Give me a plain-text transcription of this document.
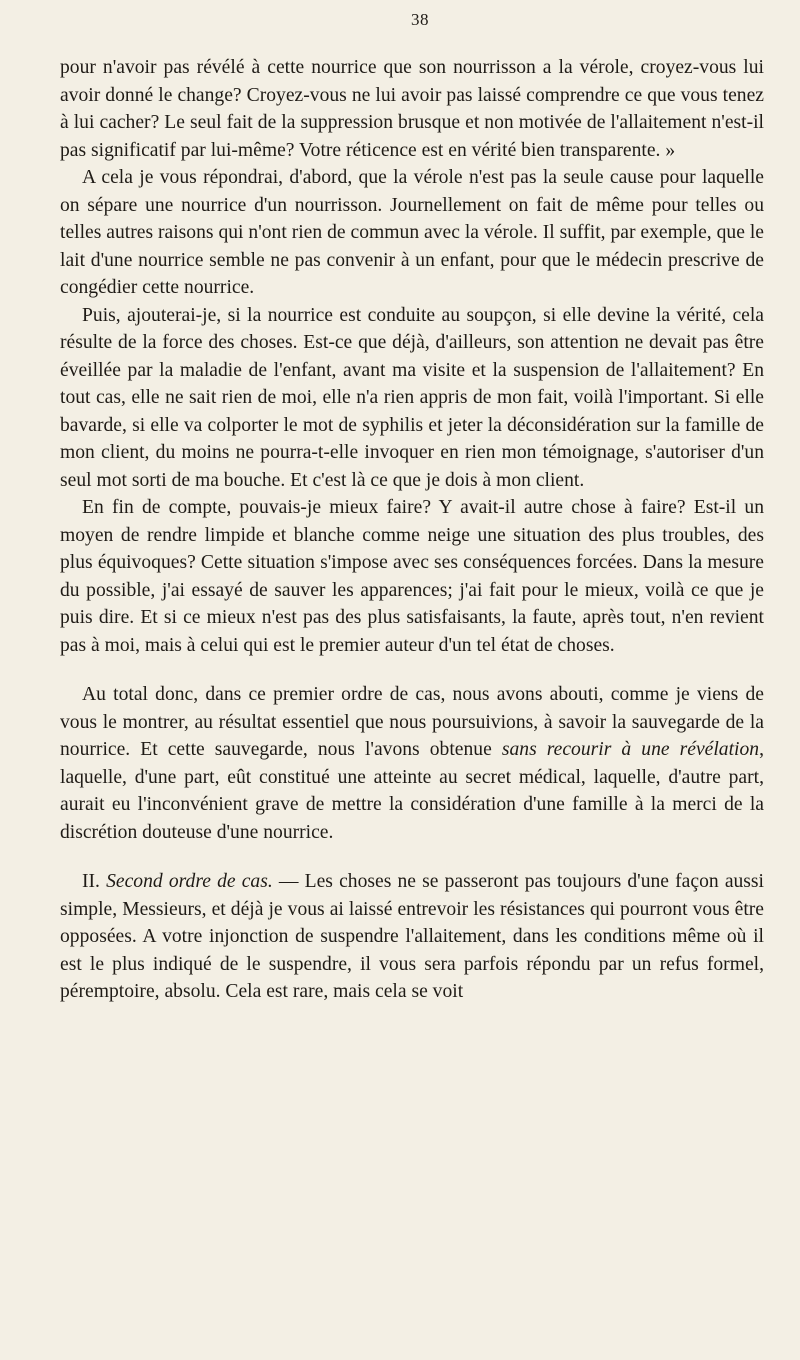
38

pour n'avoir pas révélé à cette nourrice que son nourrisson a la vérole, croyez-vous lui avoir donné le change? Croyez-vous ne lui avoir pas laissé comprendre ce que vous tenez à lui cacher? Le seul fait de la suppression brusque et non motivée de l'allaitement n'est-il pas significatif par lui-même? Votre réticence est en vérité bien transparente. »

A cela je vous répondrai, d'abord, que la vérole n'est pas la seule cause pour laquelle on sépare une nourrice d'un nourrisson. Journellement on fait de même pour telles ou telles autres raisons qui n'ont rien de commun avec la vérole. Il suffit, par exemple, que le lait d'une nourrice semble ne pas convenir à un enfant, pour que le médecin prescrive de congédier cette nourrice.

Puis, ajouterai-je, si la nourrice est conduite au soupçon, si elle devine la vérité, cela résulte de la force des choses. Est-ce que déjà, d'ailleurs, son attention ne devait pas être éveillée par la maladie de l'enfant, avant ma visite et la suspension de l'allaitement? En tout cas, elle ne sait rien de moi, elle n'a rien appris de mon fait, voilà l'important. Si elle bavarde, si elle va colporter le mot de syphilis et jeter la déconsidération sur la famille de mon client, du moins ne pourra-t-elle invoquer en rien mon témoignage, s'autoriser d'un seul mot sorti de ma bouche. Et c'est là ce que je dois à mon client.

En fin de compte, pouvais-je mieux faire? Y avait-il autre chose à faire? Est-il un moyen de rendre limpide et blanche comme neige une situation des plus troubles, des plus équivoques? Cette situation s'impose avec ses conséquences forcées. Dans la mesure du possible, j'ai essayé de sauver les apparences; j'ai fait pour le mieux, voilà ce que je puis dire. Et si ce mieux n'est pas des plus satisfaisants, la faute, après tout, n'en revient pas à moi, mais à celui qui est le premier auteur d'un tel état de choses.

Au total donc, dans ce premier ordre de cas, nous avons abouti, comme je viens de vous le montrer, au résultat essentiel que nous poursuivions, à savoir la sauvegarde de la nourrice. Et cette sauvegarde, nous l'avons obtenue sans recourir à une révélation, laquelle, d'une part, eût constitué une atteinte au secret médical, laquelle, d'autre part, aurait eu l'inconvénient grave de mettre la considération d'une famille à la merci de la discrétion douteuse d'une nourrice.

II. Second ordre de cas. — Les choses ne se passeront pas toujours d'une façon aussi simple, Messieurs, et déjà je vous ai laissé entrevoir les résistances qui pourront vous être opposées. A votre injonction de suspendre l'allaitement, dans les conditions même où il est le plus indiqué de le suspendre, il vous sera parfois répondu par un refus formel, péremptoire, absolu. Cela est rare, mais cela se voit
